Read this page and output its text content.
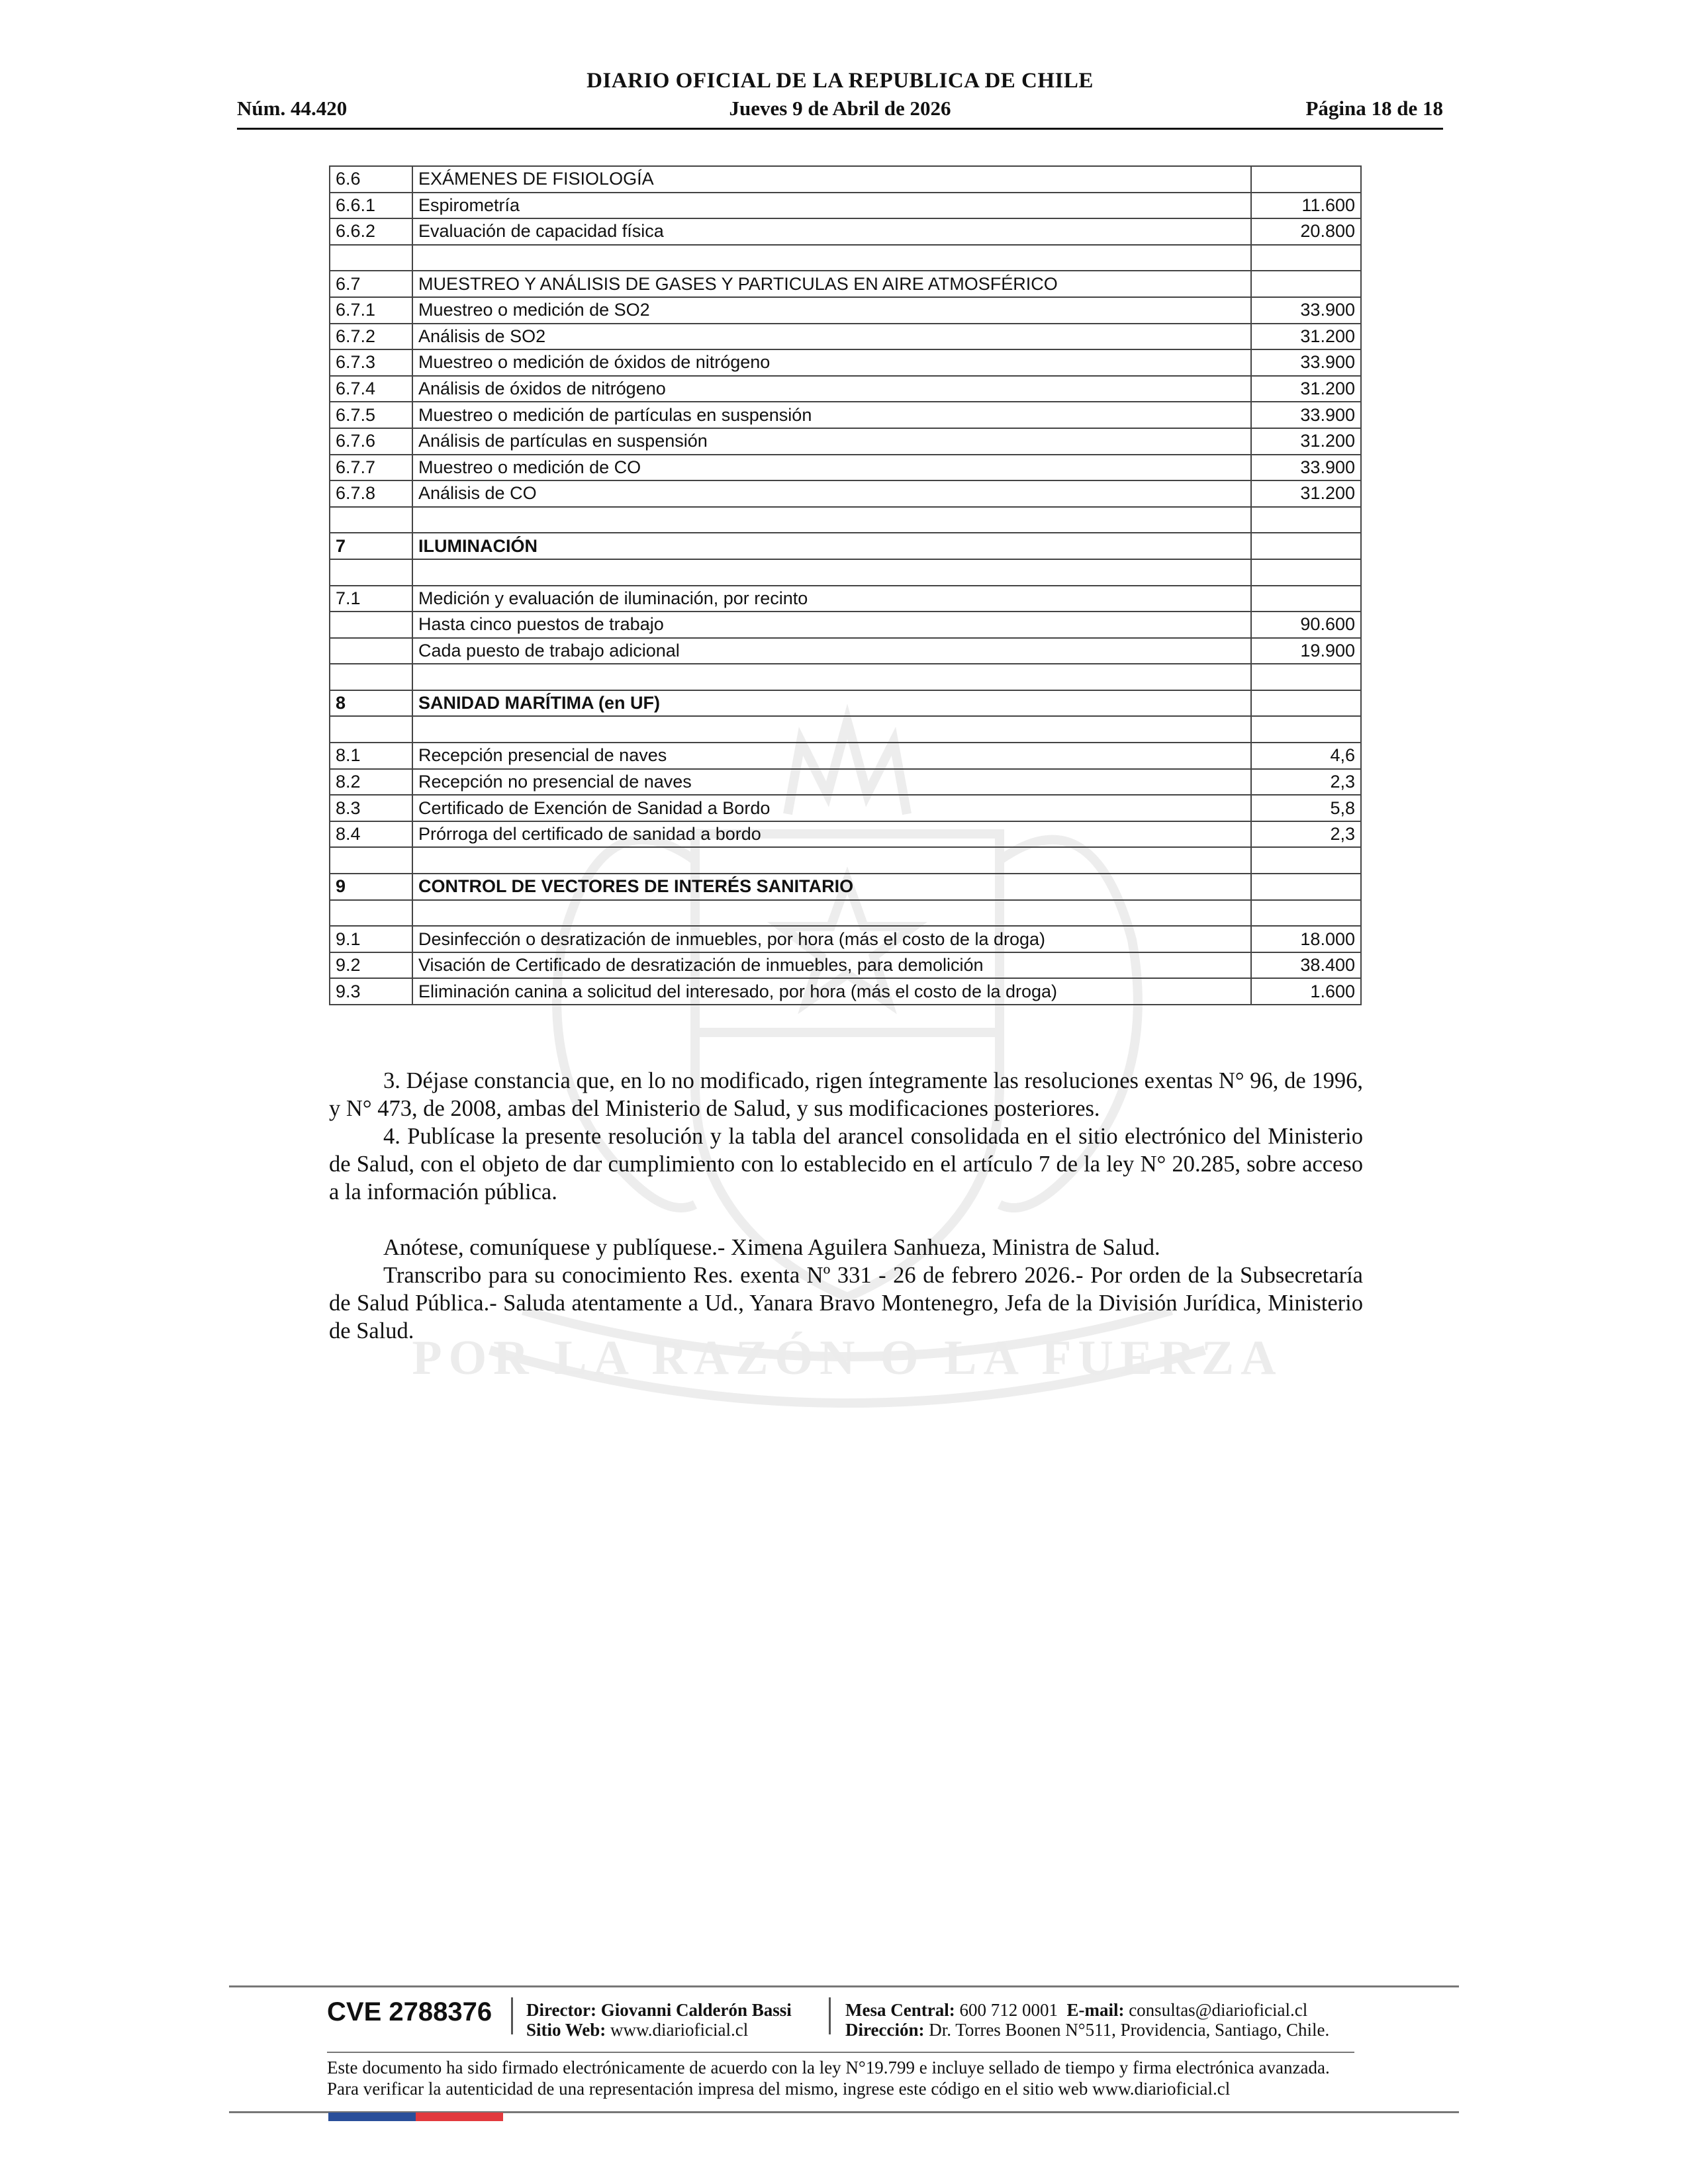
DIARIO OFICIAL DE LA REPUBLICA DE CHILE
Núm. 44.420	Jueves 9 de Abril de 2026	Página 18 de 18
POR LA RAZÓN O LA FUERZA
6.6	EXÁMENES DE FISIOLOGÍA	
6.6.1	Espirometría	11.600
6.6.2	Evaluación de capacidad física	20.800

6.7	MUESTREO Y ANÁLISIS DE GASES Y PARTICULAS EN AIRE ATMOSFÉRICO	
6.7.1	Muestreo o medición de SO2	33.900
6.7.2	Análisis de SO2	31.200
6.7.3	Muestreo o medición de óxidos de nitrógeno	33.900
6.7.4	Análisis de óxidos de nitrógeno	31.200
6.7.5	Muestreo o medición de partículas en suspensión	33.900
6.7.6	Análisis de partículas en suspensión	31.200
6.7.7	Muestreo o medición de CO	33.900
6.7.8	Análisis de CO	31.200

7	ILUMINACIÓN	

7.1	Medición y evaluación de iluminación, por recinto	
	Hasta cinco puestos de trabajo	90.600
	Cada puesto de trabajo adicional	19.900

8	SANIDAD MARÍTIMA (en UF)	

8.1	Recepción presencial de naves	4,6
8.2	Recepción no presencial de naves	2,3
8.3	Certificado de Exención de Sanidad a Bordo	5,8
8.4	Prórroga del certificado de sanidad a bordo	2,3

9	CONTROL DE VECTORES DE INTERÉS SANITARIO	

9.1	Desinfección o desratización de inmuebles, por hora (más el costo de la droga)	18.000
9.2	Visación de Certificado de desratización de inmuebles, para demolición	38.400
9.3	Eliminación canina a solicitud del interesado, por hora (más el costo de la droga)	1.600

3. Déjase constancia que, en lo no modificado, rigen íntegramente las resoluciones exentas N° 96, de 1996, y N° 473, de 2008, ambas del Ministerio de Salud, y sus modificaciones posteriores.

4. Publícase la presente resolución y la tabla del arancel consolidada en el sitio electrónico del Ministerio de Salud, con el objeto de dar cumplimiento con lo establecido en el artículo 7 de la ley N° 20.285, sobre acceso a la información pública.

Anótese, comuníquese y publíquese.- Ximena Aguilera Sanhueza, Ministra de Salud.

Transcribo para su conocimiento Res. exenta Nº 331 - 26 de febrero 2026.- Por orden de la Subsecretaría de Salud Pública.- Saluda atentamente a Ud., Yanara Bravo Montenegro, Jefa de la División Jurídica, Ministerio de Salud.

CVE 2788376 Director: Giovanni Calderón Bassi
Sitio Web: www.diarioficial.cl
Mesa Central: 600 712 0001 E-mail: consultas@diarioficial.cl
Dirección: Dr. Torres Boonen N°511, Providencia, Santiago, Chile.
Este documento ha sido firmado electrónicamente de acuerdo con la ley N°19.799 e incluye sellado de tiempo y firma electrónica avanzada. Para verificar la autenticidad de una representación impresa del mismo, ingrese este código en el sitio web www.diarioficial.cl
